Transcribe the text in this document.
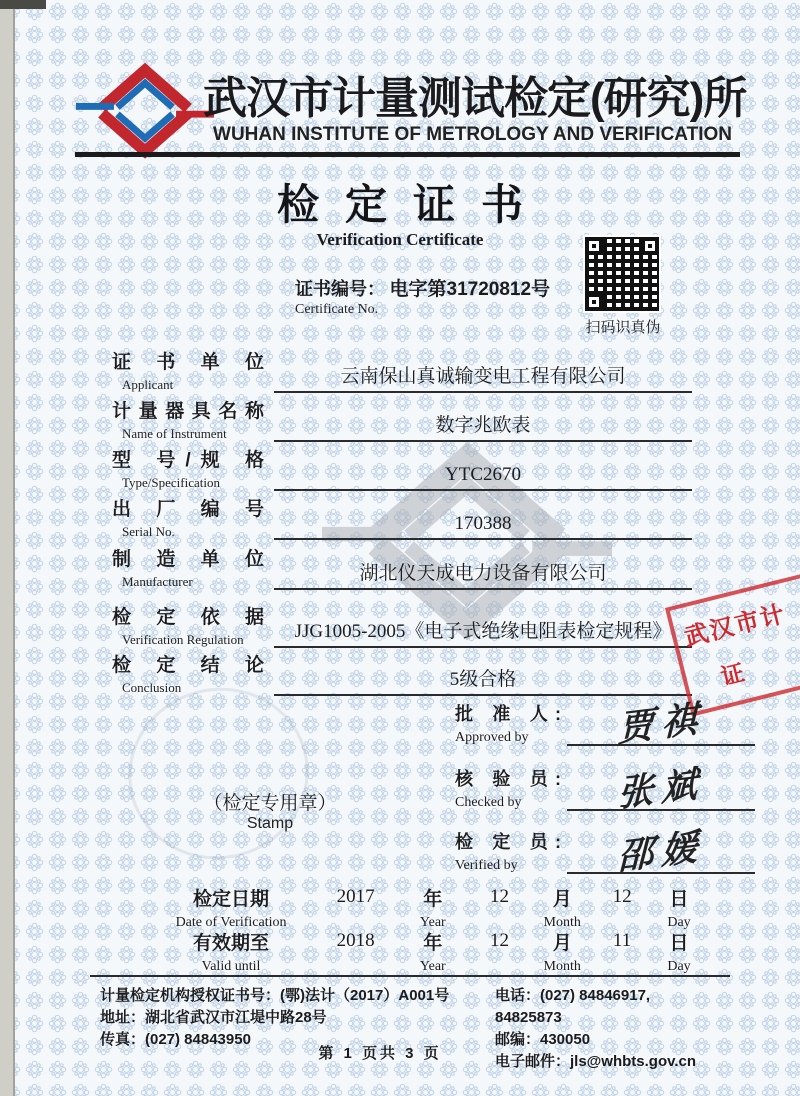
武汉市计量测试检定(研究)所
WUHAN INSTITUTE OF METROLOGY AND VERIFICATION
检定证书
Verification Certificate
证书编号： 电字第31720812号
Certificate No.
扫码识真伪
证 书 单 位
Applicant	云南保山真诚输变电工程有限公司
计 量 器 具 名 称
Name of Instrument	数字兆欧表
型 号/规 格
Type/Specification	YTC2670
出 厂 编 号
Serial No.	170388
制 造 单 位
Manufacturer	湖北仪天成电力设备有限公司
检 定 依 据
Verification Regulation	JJG1005-2005《电子式绝缘电阻表检定规程》
检 定 结 论
Conclusion	5级合格
武汉市计
证
（检定专用章）
Stamp
批 准 人:
Approved by	贾祺
核 验 员:
Checked by	张斌
检 定 员:
Verified by	邵媛
检定日期
Date of Verification
2017	年
Year
12	月
Month
12	日
Day
有效期至
Valid until
2018	年
Year
12	月
Month
11	日
Day
计量检定机构授权证书号：(鄂)法计（2017）A001号
地址：湖北省武汉市江堤中路28号
传真：(027) 84843950
电话：(027) 84846917, 84825873
邮编：430050
电子邮件：jls@whbts.gov.cn
第 1 页共 3 页
